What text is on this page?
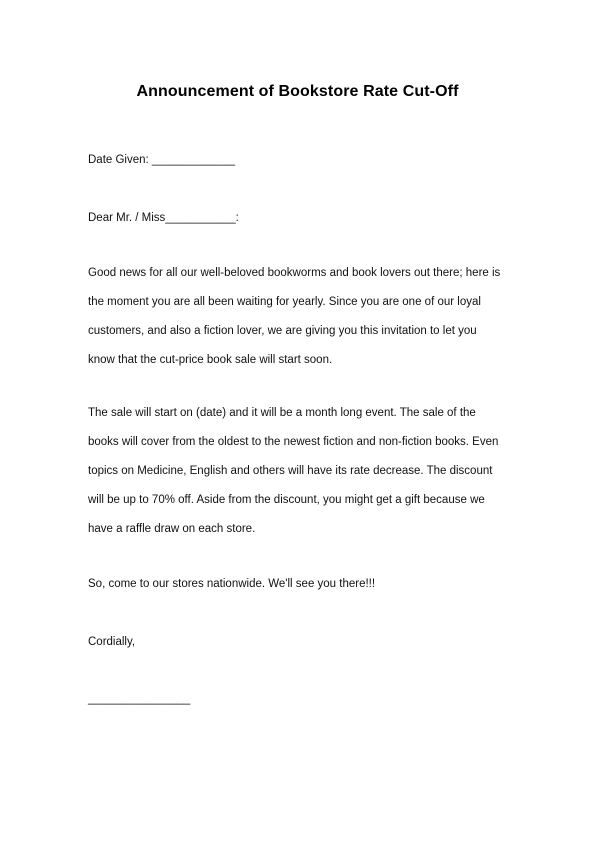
Announcement of Bookstore Rate Cut-Off
Date Given: _____________
Dear Mr. / Miss___________:
Good news for all our well-beloved bookworms and book lovers out there; here is
the moment you are all been waiting for yearly. Since you are one of our loyal
customers, and also a fiction lover, we are giving you this invitation to let you
know that the cut-price book sale will start soon.
The sale will start on (date) and it will be a month long event. The sale of the
books will cover from the oldest to the newest fiction and non-fiction books. Even
topics on Medicine, English and others will have its rate decrease. The discount
will be up to 70% off. Aside from the discount, you might get a gift because we
have a raffle draw on each store.
So, come to our stores nationwide. We'll see you there!!!
Cordially,
________________
